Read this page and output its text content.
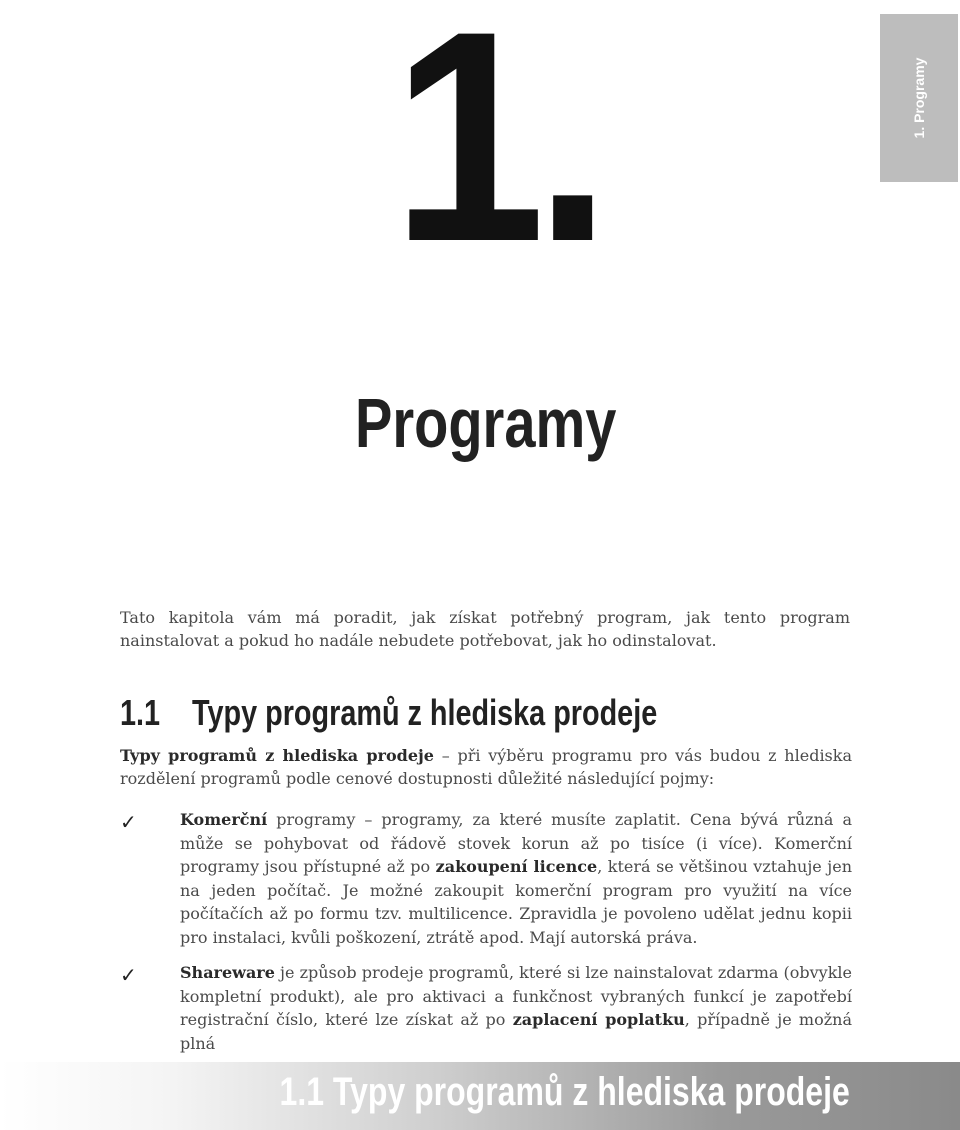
1.	1. Programy
Programy

Tato kapitola vám má poradit, jak získat potřebný program, jak tento program nainstalovat a pokud ho nadále nebudete potřebovat, jak ho odinstalovat.

1.1 Typy programů z hlediska prodeje

Typy programů z hlediska prodeje – při výběru programu pro vás budou z hlediska rozdělení programů podle cenové dostupnosti důležité následující pojmy:

✓	Komerční programy – programy, za které musíte zaplatit. Cena bývá různá a může se pohybovat od řádově stovek korun až po tisíce (i více). Komerční programy jsou přístupné až po zakoupení licence, která se většinou vztahuje jen na jeden počítač. Je možné zakoupit komerční program pro využití na více počítačích až po formu tzv. multilicence. Zpravidla je povoleno udělat jednu kopii pro instalaci, kvůli poškození, ztrátě apod. Mají autorská práva.
✓	Shareware je způsob prodeje programů, které si lze nainstalovat zdarma (obvykle kompletní produkt), ale pro aktivaci a funkčnost vybraných funkcí je zapotřebí registrační číslo, které lze získat až po zaplacení poplatku, případně je možná plná
1.1 Typy programů z hlediska prodeje
